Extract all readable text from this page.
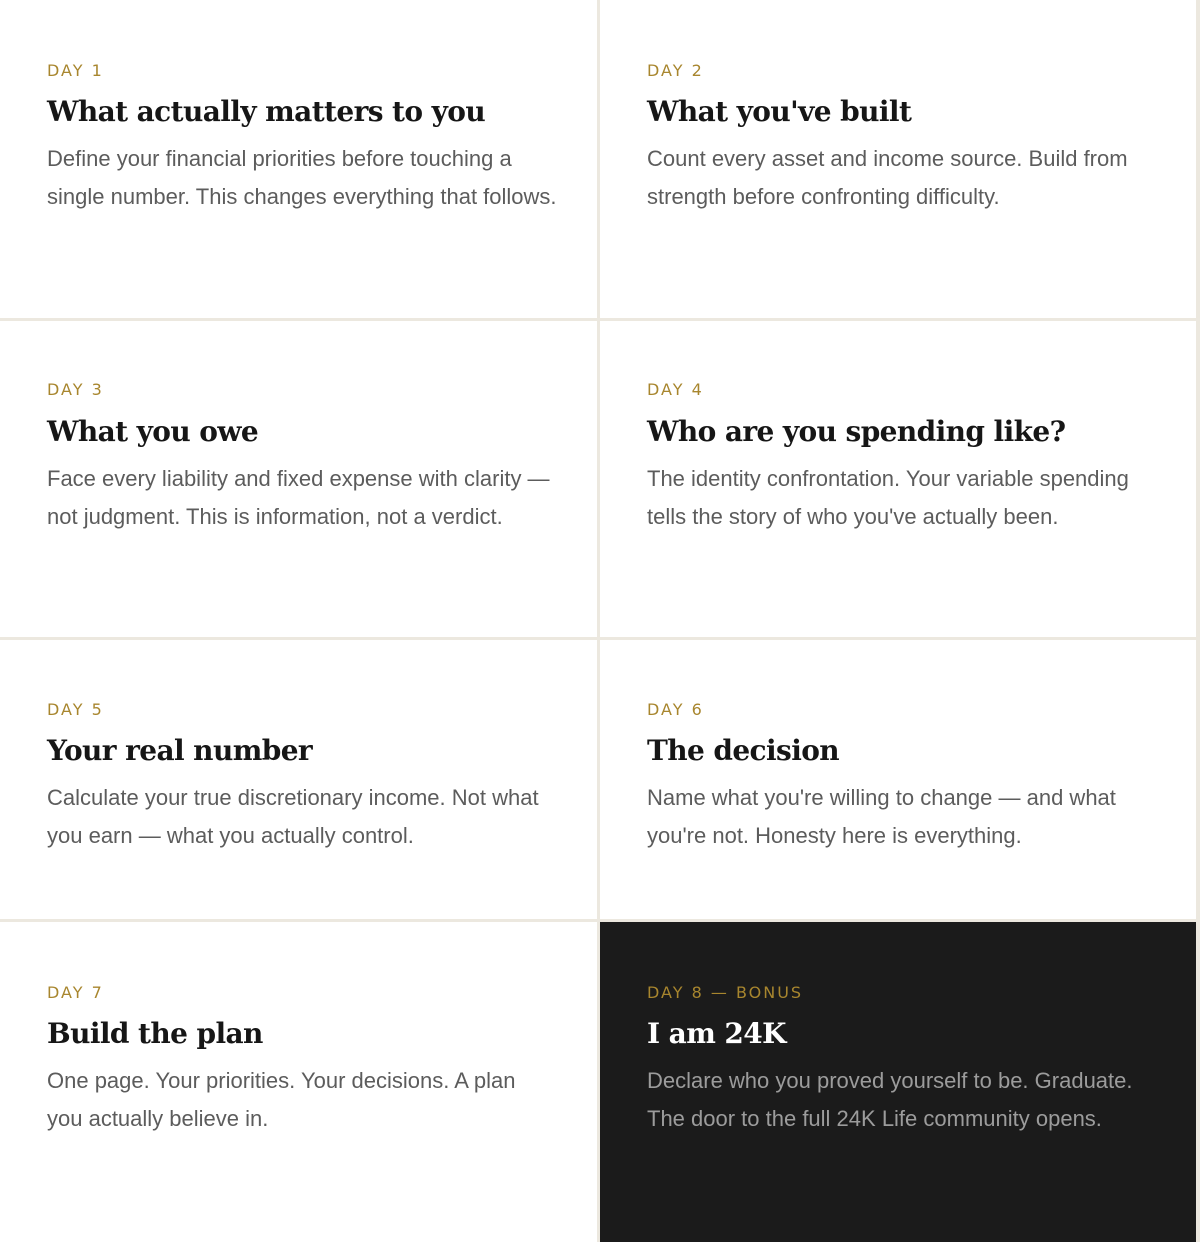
DAY 1

What actually matters to you

Define your financial priorities before touching a single number. This changes everything that follows.

DAY 2

What you've built

Count every asset and income source. Build from strength before confronting difficulty.

DAY 3

What you owe

Face every liability and fixed expense with clarity — not judgment. This is information, not a verdict.

DAY 4

Who are you spending like?

The identity confrontation. Your variable spending tells the story of who you've actually been.

DAY 5

Your real number

Calculate your true discretionary income. Not what you earn — what you actually control.

DAY 6

The decision

Name what you're willing to change — and what you're not. Honesty here is everything.

DAY 7

Build the plan

One page. Your priorities. Your decisions. A plan you actually believe in.

DAY 8 — BONUS

I am 24K

Declare who you proved yourself to be. Graduate. The door to the full 24K Life community opens.
